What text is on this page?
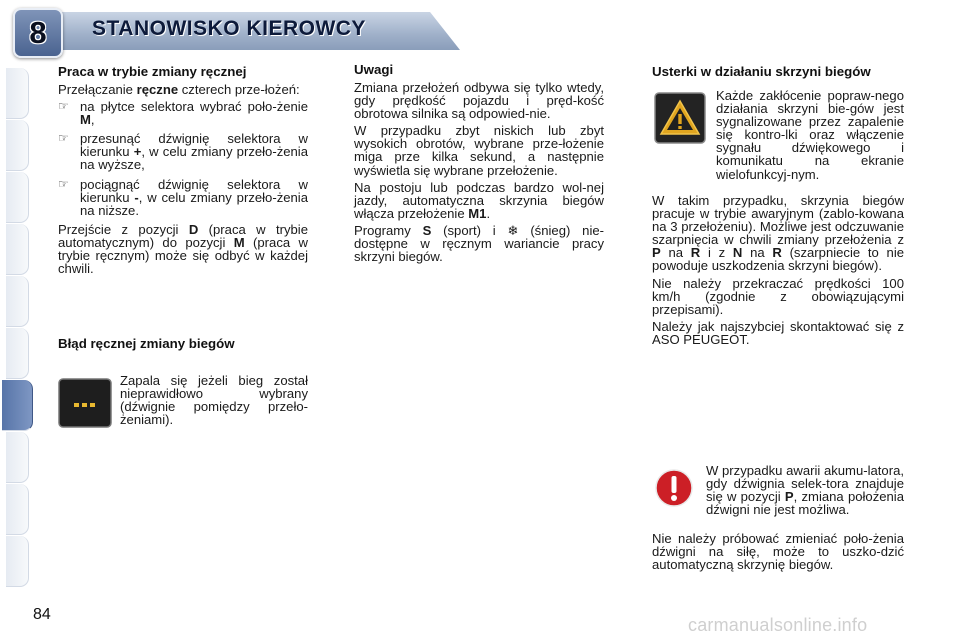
8 STANOWISKO KIEROWCY
Praca w trybie zmiany ręcznej

Przełączanie ręczne czterech prze-łożeń:

☞ na płytce selektora wybrać poło-żenie M,
☞ przesunąć dźwignię selektora w kierunku +, w celu zmiany przeło-żenia na wyższe,
☞ pociągnąć dźwignię selektora w kierunku -, w celu zmiany przeło-żenia na niższe.

Przejście z pozycji D (praca w trybie automatycznym) do pozycji M (praca w trybie ręcznym) może się odbyć w każdej chwili.

Błąd ręcznej zmiany biegów
Zapala się jeżeli bieg został nieprawidłowo wybrany (dźwignie pomiędzy przeło-żeniami).
Uwagi

Zmiana przełożeń odbywa się tylko wtedy, gdy prędkość pojazdu i pręd-kość obrotowa silnika są odpowied-nie.

W przypadku zbyt niskich lub zbyt wysokich obrotów, wybrane prze-łożenie miga prze kilka sekund, a następnie wyświetla się wybrane przełożenie.

Na postoju lub podczas bardzo wol-nej jazdy, automatyczna skrzynia biegów włącza przełożenie M1.

Programy S (sport) i ❄ (śnieg) nie-dostępne w ręcznym wariancie pracy skrzyni biegów.

Usterki w działaniu skrzyni biegów
Każde zakłócenie popraw-nego działania skrzyni bie-gów jest sygnalizowane przez zapalenie się kontro-lki oraz włączenie sygnału dźwiękowego i komunikatu na ekranie wielofunkcyj-nym.

W takim przypadku, skrzynia biegów pracuje w trybie awaryjnym (zablo-kowana na 3 przełożeniu). Możliwe jest odczuwanie szarpnięcia w chwili zmiany przełożenia z P na R i z N na R (szarpniecie to nie powoduje uszkodzenia skrzyni biegów).

Nie należy przekraczać prędkości 100 km/h (zgodnie z obowiązującymi przepisami).

Należy jak najszybciej skontaktować się z ASO PEUGEOT.

W przypadku awarii akumu-latora, gdy dźwignia selek-tora znajduje się w pozycji P, zmiana położenia dźwigni nie jest możliwa.
Nie należy próbować zmieniać poło-żenia dźwigni na siłę, może to uszko-dzić automatyczną skrzynię biegów.
84
carmanualsonline.info
